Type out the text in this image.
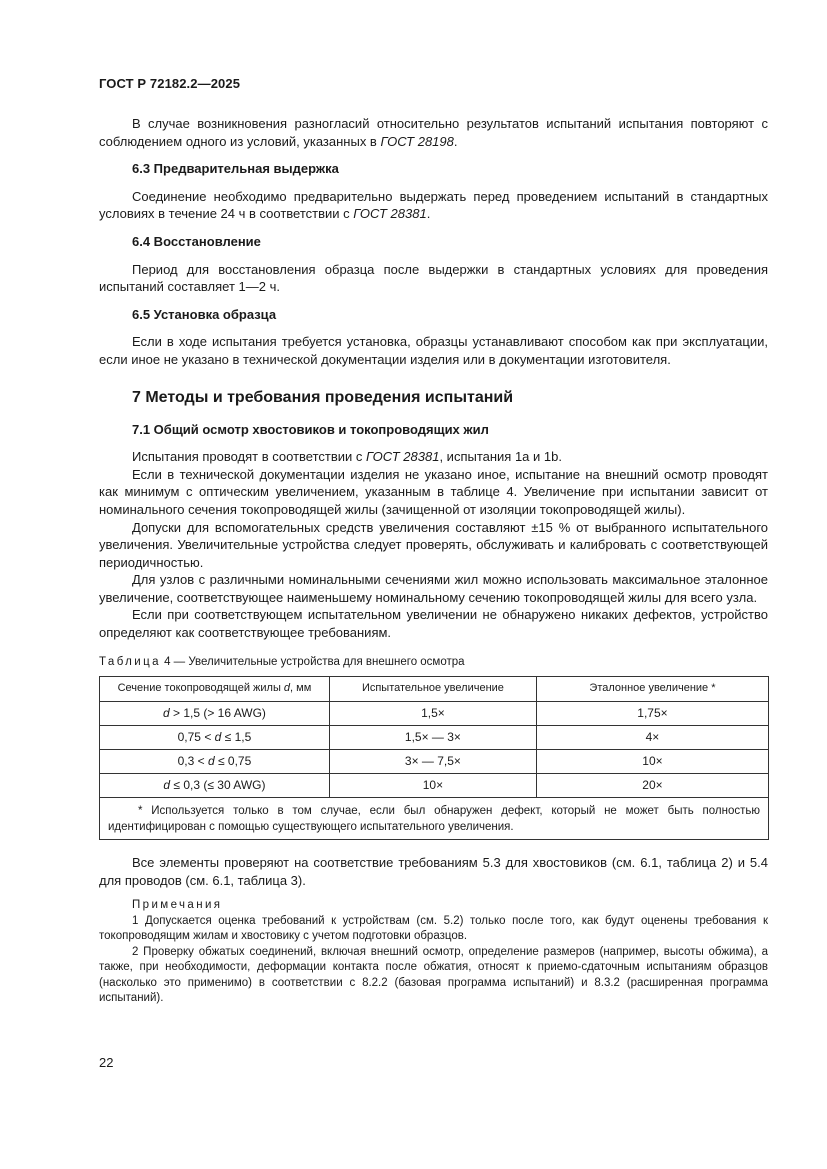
ГОСТ Р 72182.2—2025

В случае возникновения разногласий относительно результатов испытаний испытания повторяют с соблюдением одного из условий, указанных в ГОСТ 28198.

6.3 Предварительная выдержка

Соединение необходимо предварительно выдержать перед проведением испытаний в стандартных условиях в течение 24 ч в соответствии с ГОСТ 28381.

6.4 Восстановление

Период для восстановления образца после выдержки в стандартных условиях для проведения испытаний составляет 1—2 ч.

6.5 Установка образца

Если в ходе испытания требуется установка, образцы устанавливают способом как при эксплуатации, если иное не указано в технической документации изделия или в документации изготовителя.

7 Методы и требования проведения испытаний
7.1 Общий осмотр хвостовиков и токопроводящих жил

Испытания проводят в соответствии с ГОСТ 28381, испытания 1a и 1b.

Если в технической документации изделия не указано иное, испытание на внешний осмотр проводят как минимум с оптическим увеличением, указанным в таблице 4. Увеличение при испытании зависит от номинального сечения токопроводящей жилы (зачищенной от изоляции токопроводящей жилы).

Допуски для вспомогательных средств увеличения составляют ±15 % от выбранного испытательного увеличения. Увеличительные устройства следует проверять, обслуживать и калибровать с соответствующей периодичностью.

Для узлов с различными номинальными сечениями жил можно использовать максимальное эталонное увеличение, соответствующее наименьшему номинальному сечению токопроводящей жилы для всего узла.

Если при соответствующем испытательном увеличении не обнаружено никаких дефектов, устройство определяют как соответствующее требованиям.

Таблица 4 — Увеличительные устройства для внешнего осмотра
Сечение токопроводящей жилы d, мм	Испытательное увеличение	Эталонное увеличение *
d > 1,5 (> 16 AWG)	1,5×	1,75×
0,75 < d ≤ 1,5	1,5× — 3×	4×
0,3 < d ≤ 0,75	3× — 7,5×	10×
d ≤ 0,3 (≤ 30 AWG)	10×	20×
* Используется только в том случае, если был обнаружен дефект, который не может быть полностью идентифицирован с помощью существующего испытательного увеличения.		

Все элементы проверяют на соответствие требованиям 5.3 для хвостовиков (см. 6.1, таблица 2) и 5.4 для проводов (см. 6.1, таблица 3).

Примечания

1 Допускается оценка требований к устройствам (см. 5.2) только после того, как будут оценены требования к токопроводящим жилам и хвостовику с учетом подготовки образцов.

2 Проверку обжатых соединений, включая внешний осмотр, определение размеров (например, высоты обжима), а также, при необходимости, деформации контакта после обжатия, относят к приемо-сдаточным испытаниям образцов (насколько это применимо) в соответствии с 8.2.2 (базовая программа испытаний) и 8.3.2 (расширенная программа испытаний).

22
